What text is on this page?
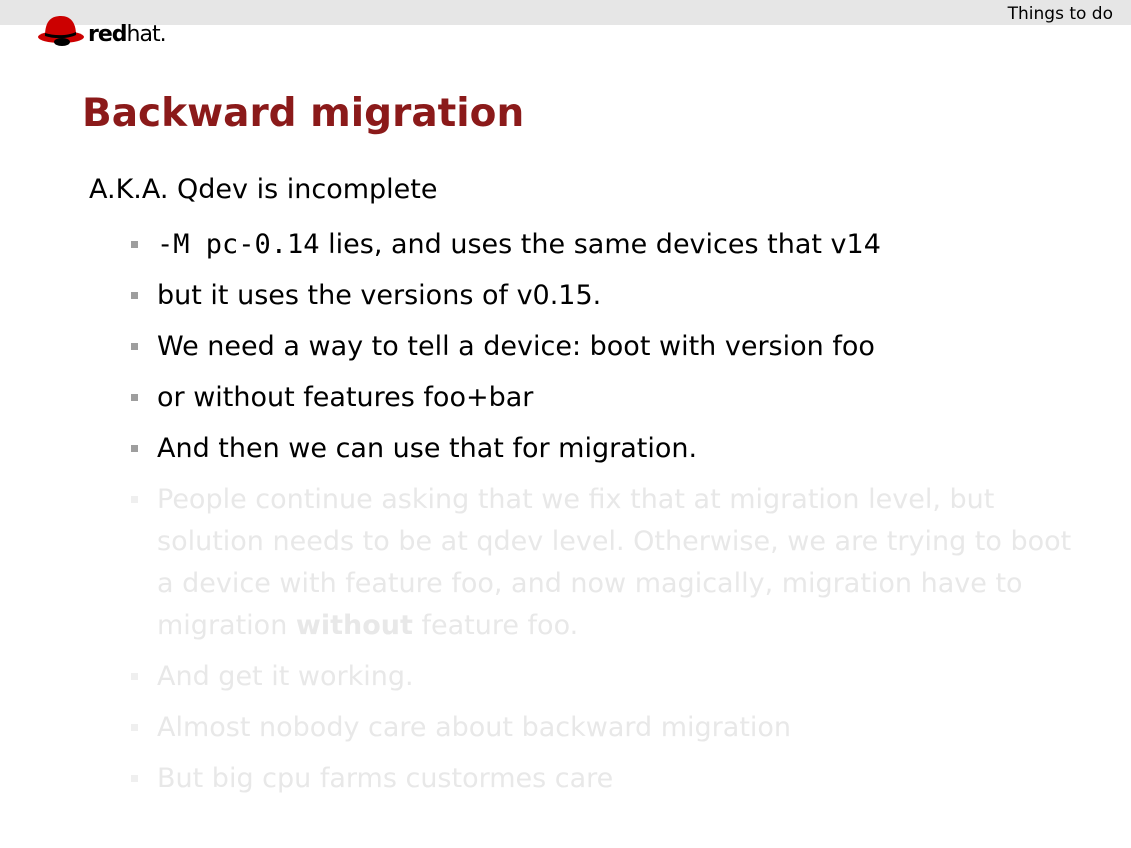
Things to do
redhat.
Backward migration
A.K.A. Qdev is incomplete
-M pc-0.14 lies, and uses the same devices that v14
but it uses the versions of v0.15.
We need a way to tell a device: boot with version foo
or without features foo+bar
And then we can use that for migration.
People continue asking that we fix that at migration level, but solution needs to be at qdev level. Otherwise, we are trying to boot a device with feature foo, and now magically, migration have to migration without feature foo.
And get it working.
Almost nobody care about backward migration
But big cpu farms custormes care
